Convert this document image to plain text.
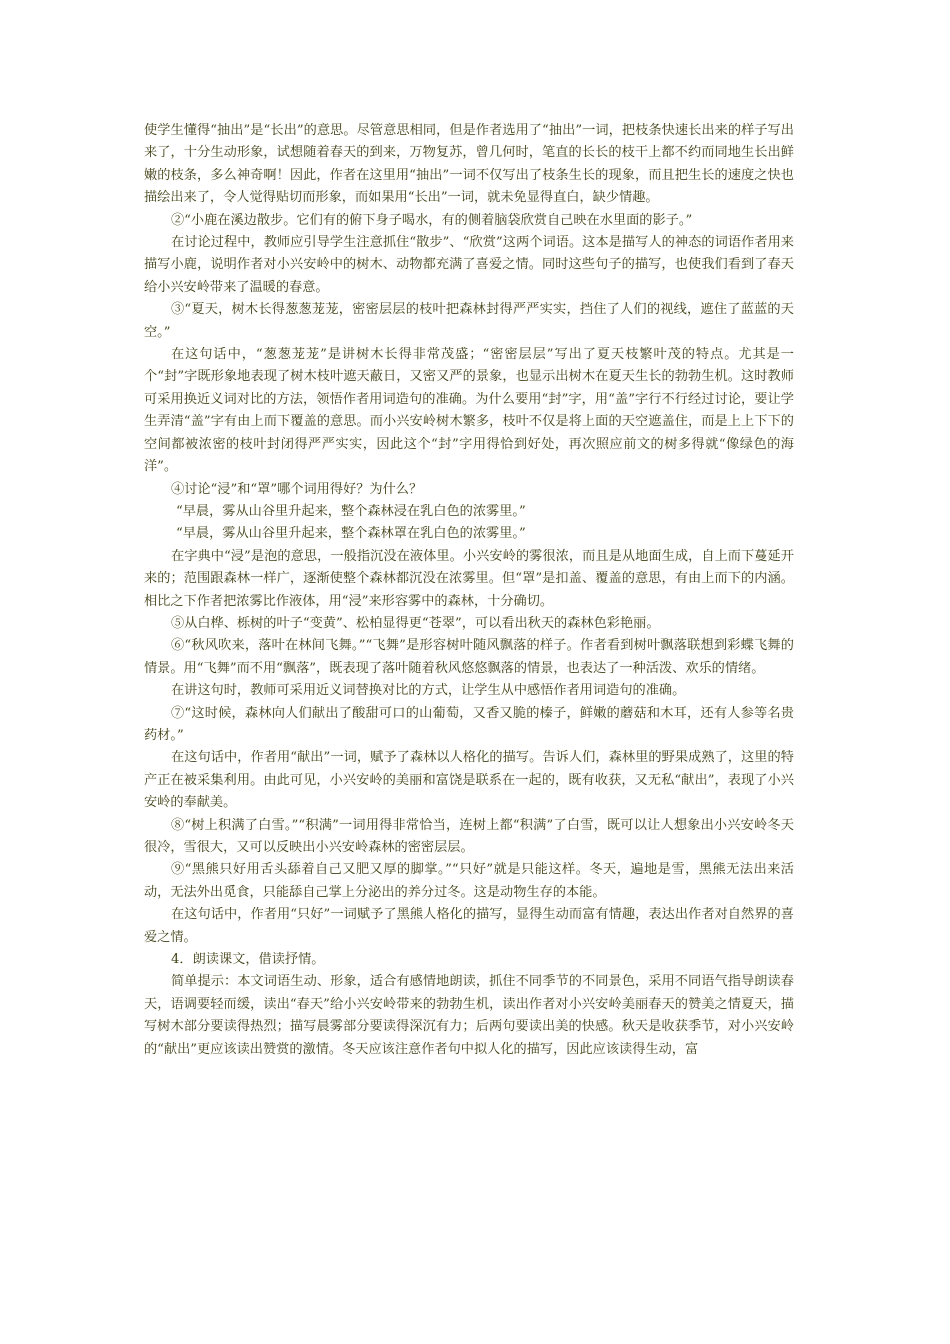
使学生懂得“抽出”是“长出”的意思。尽管意思相同，但是作者选用了“抽出”一词，把枝条快速长出来的样子写出来了，十分生动形象，试想随着春天的到来，万物复苏，曾几何时，笔直的长长的枝干上都不约而同地生长出鲜嫩的枝条，多么神奇啊！因此，作者在这里用“抽出”一词不仅写出了枝条生长的现象，而且把生长的速度之快也描绘出来了，令人觉得贴切而形象，而如果用“长出”一词，就未免显得直白，缺少情趣。

②“小鹿在溪边散步。它们有的俯下身子喝水，有的侧着脑袋欣赏自己映在水里面的影子。”

在讨论过程中，教师应引导学生注意抓住“散步”、“欣赏”这两个词语。这本是描写人的神态的词语作者用来描写小鹿，说明作者对小兴安岭中的树木、动物都充满了喜爱之情。同时这些句子的描写，也使我们看到了春天给小兴安岭带来了温暖的春意。

③“夏天，树木长得葱葱茏茏，密密层层的枝叶把森林封得严严实实，挡住了人们的视线，遮住了蓝蓝的天空。”

在这句话中，“葱葱茏茏”是讲树木长得非常茂盛；“密密层层”写出了夏天枝繁叶茂的特点。尤其是一个“封”字既形象地表现了树木枝叶遮天蔽日，又密又严的景象，也显示出树木在夏天生长的勃勃生机。这时教师可采用换近义词对比的方法，领悟作者用词造句的准确。为什么要用“封”字，用“盖”字行不行经过讨论，要让学生弄清“盖”字有由上而下覆盖的意思。而小兴安岭树木繁多，枝叶不仅是将上面的天空遮盖住，而是上上下下的空间都被浓密的枝叶封闭得严严实实，因此这个“封”字用得恰到好处，再次照应前文的树多得就“像绿色的海洋”。

④讨论“浸”和“罩”哪个词用得好？为什么？

“早晨，雾从山谷里升起来，整个森林浸在乳白色的浓雾里。”

“早晨，雾从山谷里升起来，整个森林罩在乳白色的浓雾里。”

在字典中“浸”是泡的意思，一般指沉没在液体里。小兴安岭的雾很浓，而且是从地面生成，自上而下蔓延开来的；范围跟森林一样广，逐渐使整个森林都沉没在浓雾里。但“罩”是扣盖、覆盖的意思，有由上而下的内涵。相比之下作者把浓雾比作液体，用“浸”来形容雾中的森林，十分确切。

⑤从白桦、栎树的叶子“变黄”、松柏显得更“苍翠”，可以看出秋天的森林色彩艳丽。

⑥“秋风吹来，落叶在林间飞舞。”“飞舞”是形容树叶随风飘落的样子。作者看到树叶飘落联想到彩蝶飞舞的情景。用“飞舞”而不用“飘落”，既表现了落叶随着秋风悠悠飘落的情景，也表达了一种活泼、欢乐的情绪。

在讲这句时，教师可采用近义词替换对比的方式，让学生从中感悟作者用词造句的准确。

⑦“这时候，森林向人们献出了酸甜可口的山葡萄，又香又脆的榛子，鲜嫩的蘑菇和木耳，还有人参等名贵药材。”

在这句话中，作者用“献出”一词，赋予了森林以人格化的描写。告诉人们，森林里的野果成熟了，这里的特产正在被采集利用。由此可见，小兴安岭的美丽和富饶是联系在一起的，既有收获，又无私“献出”，表现了小兴安岭的奉献美。

⑧“树上积满了白雪。”“积满”一词用得非常恰当，连树上都“积满”了白雪，既可以让人想象出小兴安岭冬天很冷，雪很大，又可以反映出小兴安岭森林的密密层层。

⑨“黑熊只好用舌头舔着自己又肥又厚的脚掌。”“只好”就是只能这样。冬天，遍地是雪，黑熊无法出来活动，无法外出觅食，只能舔自己掌上分泌出的养分过冬。这是动物生存的本能。

在这句话中，作者用“只好”一词赋予了黑熊人格化的描写，显得生动而富有情趣，表达出作者对自然界的喜爱之情。

4．朗读课文，借读抒情。

简单提示：本文词语生动、形象，适合有感情地朗读，抓住不同季节的不同景色，采用不同语气指导朗读春天，语调要轻而缓，读出“春天”给小兴安岭带来的勃勃生机，读出作者对小兴安岭美丽春天的赞美之情夏天，描写树木部分要读得热烈；描写晨雾部分要读得深沉有力；后两句要读出美的快感。秋天是收获季节，对小兴安岭的“献出”更应该读出赞赏的激情。冬天应该注意作者句中拟人化的描写，因此应该读得生动，富
